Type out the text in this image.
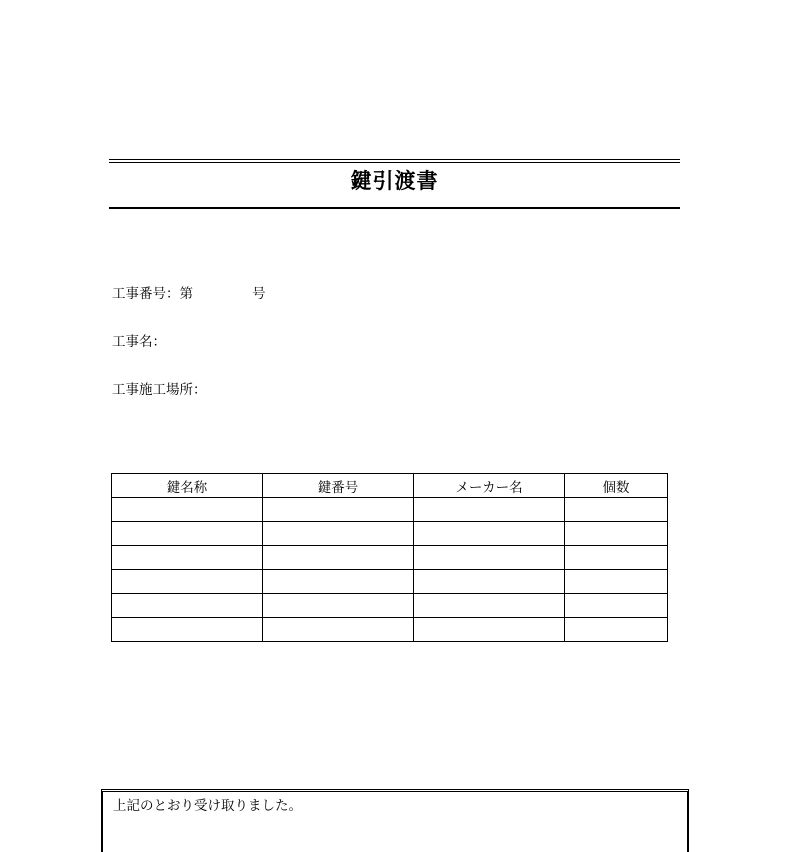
鍵引渡書
工事番号：第	号
工事名：
工事施工場所：
鍵名称	鍵番号	メーカー名	個数

上記のとおり受け取りました。
